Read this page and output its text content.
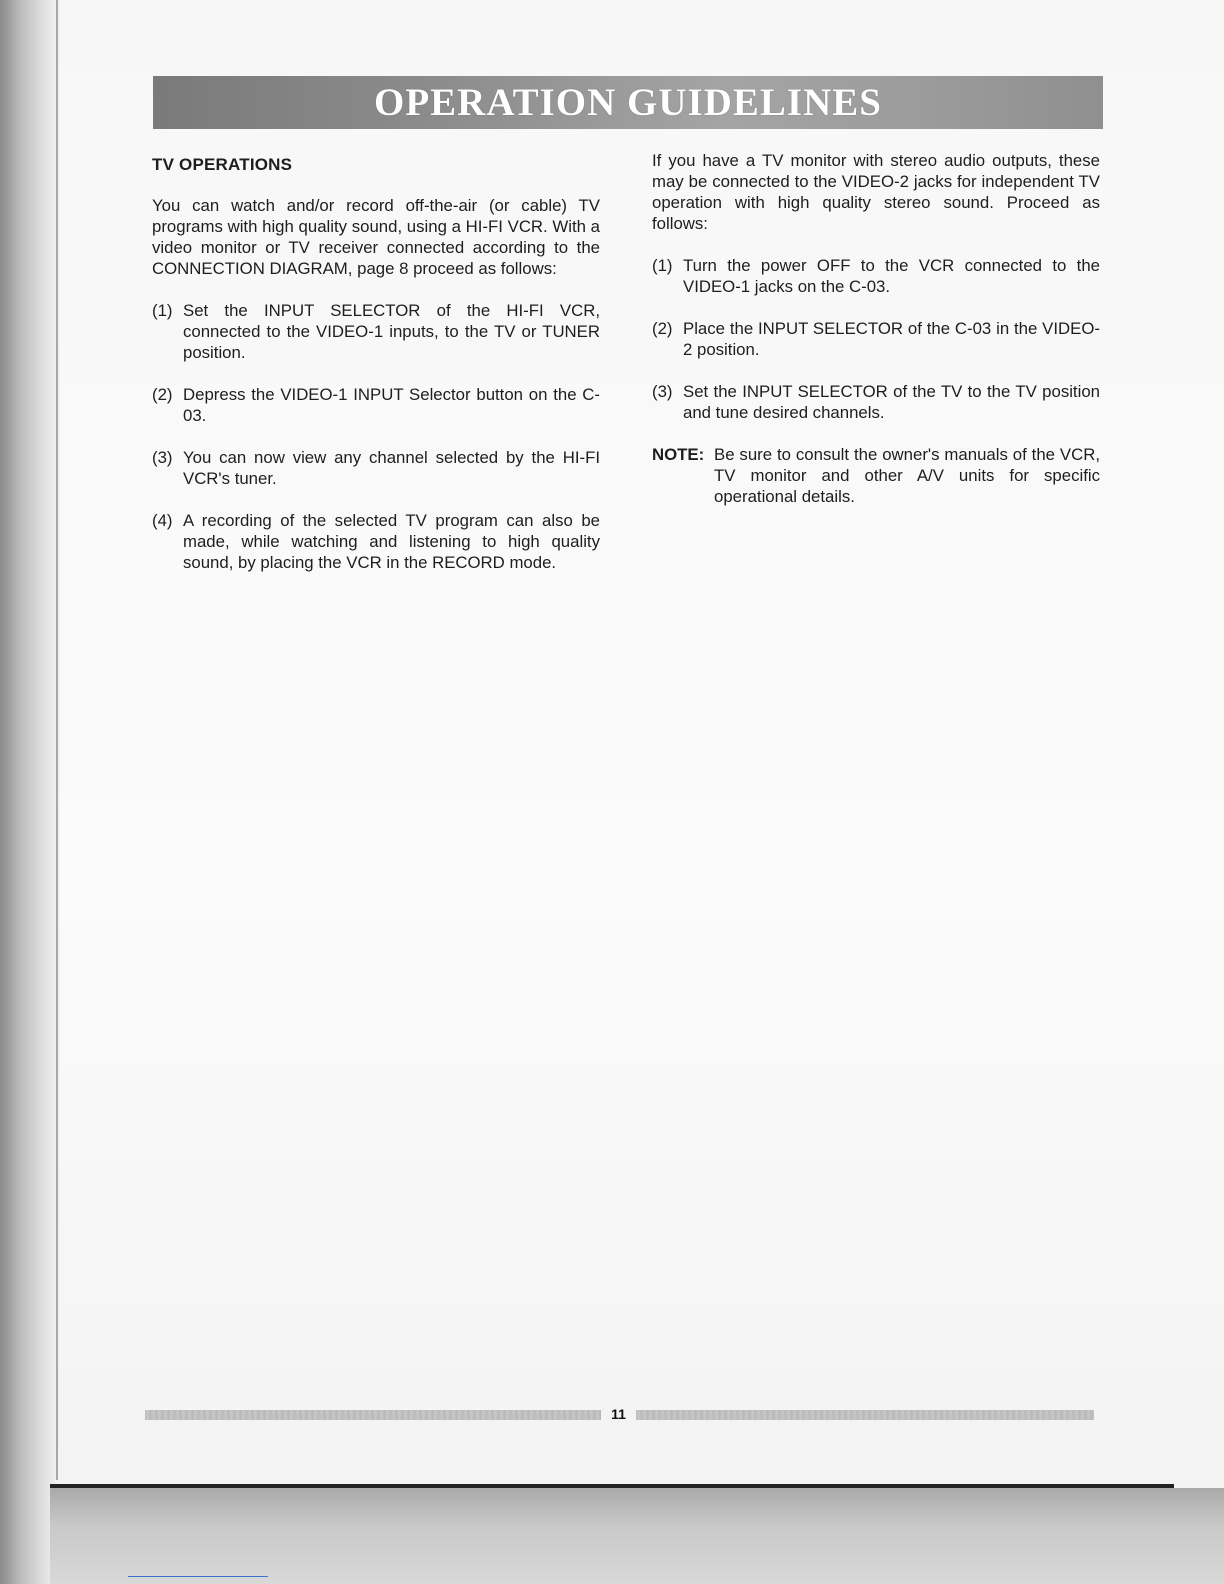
OPERATION GUIDELINES
TV OPERATIONS

You can watch and/or record off-the-air (or cable) TV programs with high quality sound, using a HI-FI VCR. With a video monitor or TV receiver connected according to the CONNECTION DIAGRAM, page 8 proceed as follows:

(1) Set the INPUT SELECTOR of the HI-FI VCR, connected to the VIDEO-1 inputs, to the TV or TUNER position.
(2) Depress the VIDEO-1 INPUT Selector button on the C-03.
(3) You can now view any channel selected by the HI-FI VCR's tuner.
(4) A recording of the selected TV program can also be made, while watching and listening to high quality sound, by placing the VCR in the RECORD mode.

If you have a TV monitor with stereo audio outputs, these may be connected to the VIDEO-2 jacks for independent TV operation with high quality stereo sound. Proceed as follows:

(1) Turn the power OFF to the VCR connected to the VIDEO-1 jacks on the C-03.
(2) Place the INPUT SELECTOR of the C-03 in the VIDEO-2 position.
(3) Set the INPUT SELECTOR of the TV to the TV position and tune desired channels.
NOTE: Be sure to consult the owner's manuals of the VCR, TV monitor and other A/V units for specific operational details.
11
